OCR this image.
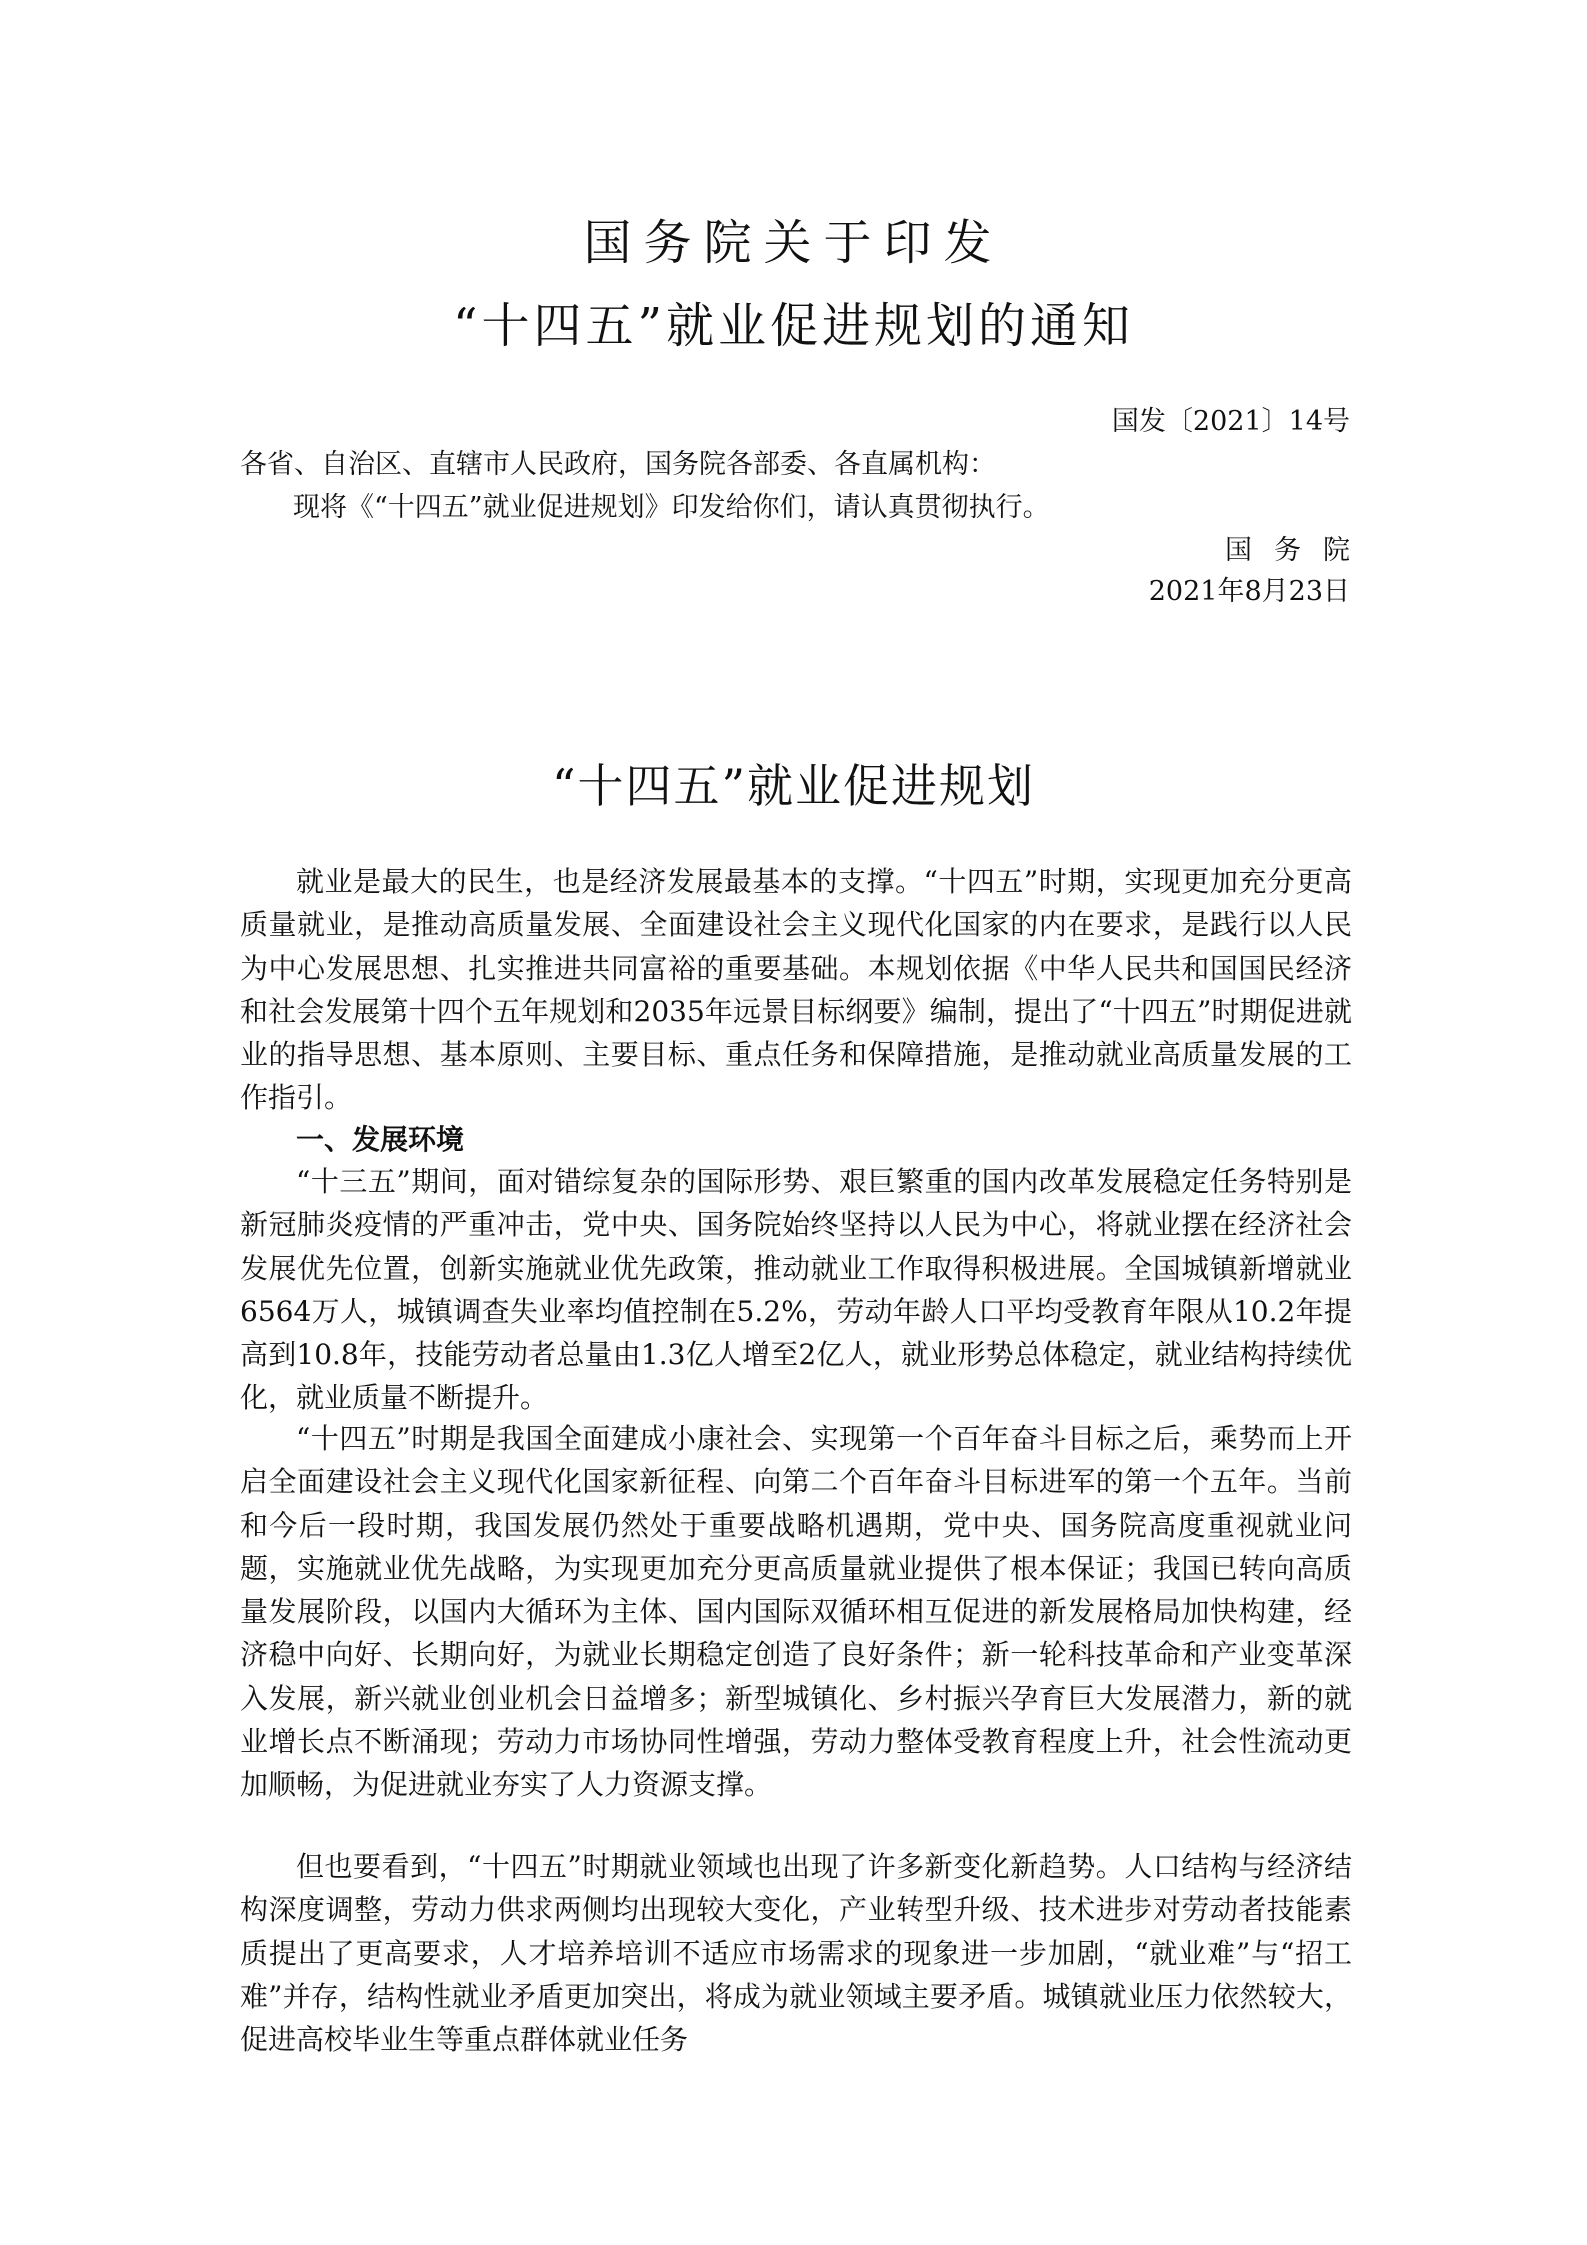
国务院关于印发
“十四五”就业促进规划的通知
国发〔2021〕14号
各省、自治区、直辖市人民政府，国务院各部委、各直属机构：
现将《“十四五”就业促进规划》印发给你们，请认真贯彻执行。
国务院
2021年8月23日
“十四五”就业促进规划
就业是最大的民生，也是经济发展最基本的支撑。“十四五”时期，实现更加充分更高质量就业，是推动高质量发展、全面建设社会主义现代化国家的内在要求，是践行以人民为中心发展思想、扎实推进共同富裕的重要基础。本规划依据《中华人民共和国国民经济和社会发展第十四个五年规划和2035年远景目标纲要》编制，提出了“十四五”时期促进就业的指导思想、基本原则、主要目标、重点任务和保障措施，是推动就业高质量发展的工作指引。
一、发展环境
“十三五”期间，面对错综复杂的国际形势、艰巨繁重的国内改革发展稳定任务特别是新冠肺炎疫情的严重冲击，党中央、国务院始终坚持以人民为中心，将就业摆在经济社会发展优先位置，创新实施就业优先政策，推动就业工作取得积极进展。全国城镇新增就业6564万人，城镇调查失业率均值控制在5.2%，劳动年龄人口平均受教育年限从10.2年提高到10.8年，技能劳动者总量由1.3亿人增至2亿人，就业形势总体稳定，就业结构持续优化，就业质量不断提升。
“十四五”时期是我国全面建成小康社会、实现第一个百年奋斗目标之后，乘势而上开启全面建设社会主义现代化国家新征程、向第二个百年奋斗目标进军的第一个五年。当前和今后一段时期，我国发展仍然处于重要战略机遇期，党中央、国务院高度重视就业问题，实施就业优先战略，为实现更加充分更高质量就业提供了根本保证；我国已转向高质量发展阶段，以国内大循环为主体、国内国际双循环相互促进的新发展格局加快构建，经济稳中向好、长期向好，为就业长期稳定创造了良好条件；新一轮科技革命和产业变革深入发展，新兴就业创业机会日益增多；新型城镇化、乡村振兴孕育巨大发展潜力，新的就业增长点不断涌现；劳动力市场协同性增强，劳动力整体受教育程度上升，社会性流动更加顺畅，为促进就业夯实了人力资源支撑。
但也要看到，“十四五”时期就业领域也出现了许多新变化新趋势。人口结构与经济结构深度调整，劳动力供求两侧均出现较大变化，产业转型升级、技术进步对劳动者技能素质提出了更高要求，人才培养培训不适应市场需求的现象进一步加剧，“就业难”与“招工难”并存，结构性就业矛盾更加突出，将成为就业领域主要矛盾。城镇就业压力依然较大，促进高校毕业生等重点群体就业任务
